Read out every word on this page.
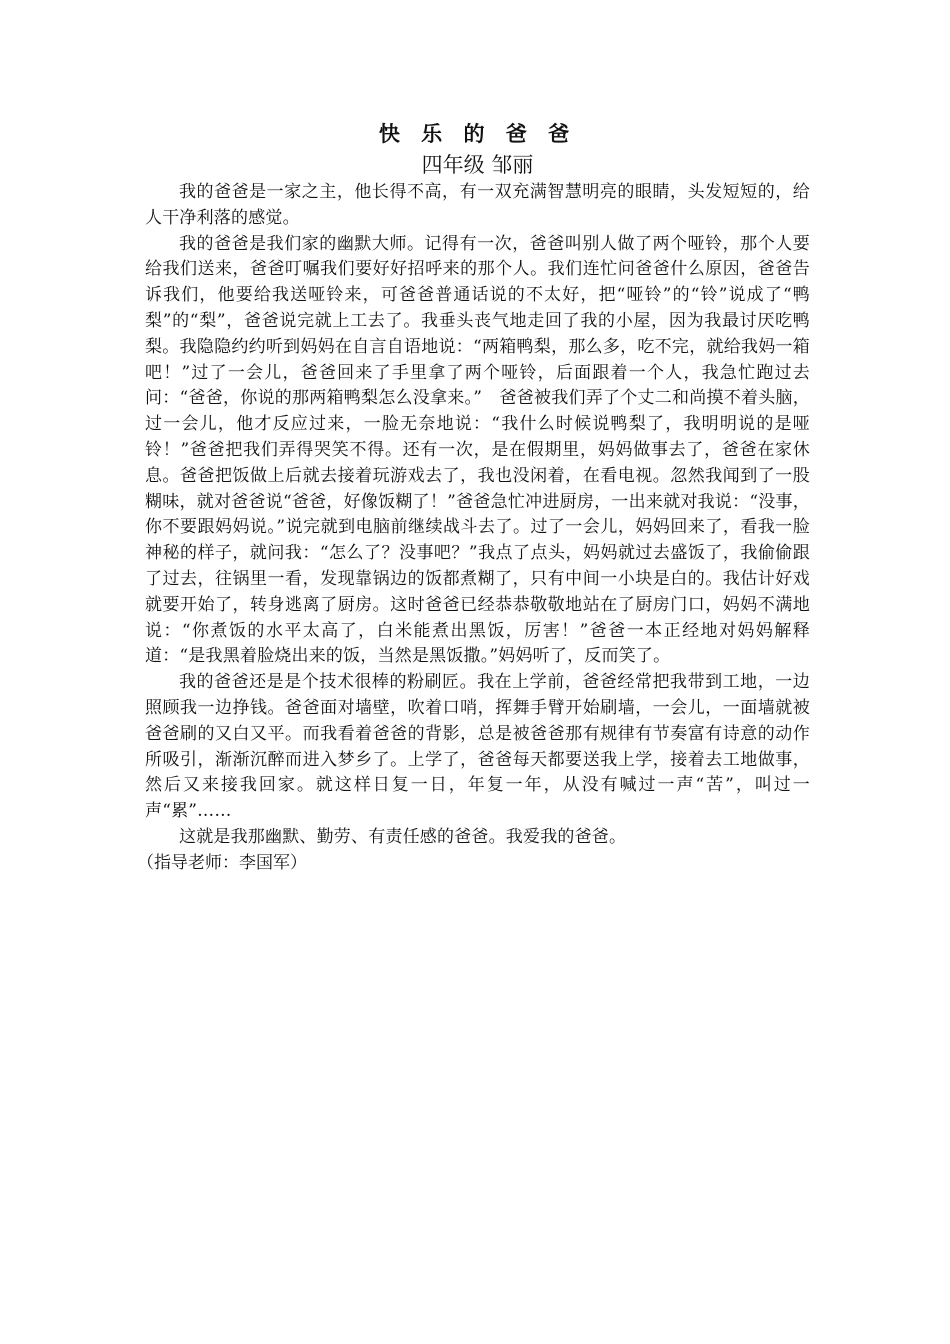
快 乐 的 爸 爸
四年级 邹丽

我的爸爸是一家之主，他长得不高，有一双充满智慧明亮的眼睛，头发短短的，给人干净利落的感觉。

我的爸爸是我们家的幽默大师。记得有一次，爸爸叫别人做了两个哑铃，那个人要给我们送来，爸爸叮嘱我们要好好招呼来的那个人。我们连忙问爸爸什么原因，爸爸告诉我们，他要给我送哑铃来，可爸爸普通话说的不太好，把“哑铃”的“铃”说成了“鸭梨”的“梨”，爸爸说完就上工去了。我垂头丧气地走回了我的小屋，因为我最讨厌吃鸭梨。我隐隐约约听到妈妈在自言自语地说：“两箱鸭梨，那么多，吃不完，就给我妈一箱吧！”过了一会儿，爸爸回来了手里拿了两个哑铃，后面跟着一个人，我急忙跑过去问：“爸爸，你说的那两箱鸭梨怎么没拿来。”　爸爸被我们弄了个丈二和尚摸不着头脑，过一会儿，他才反应过来，一脸无奈地说：“我什么时候说鸭梨了，我明明说的是哑铃！”爸爸把我们弄得哭笑不得。还有一次，是在假期里，妈妈做事去了，爸爸在家休息。爸爸把饭做上后就去接着玩游戏去了，我也没闲着，在看电视。忽然我闻到了一股糊味，就对爸爸说“爸爸，好像饭糊了！”爸爸急忙冲进厨房，一出来就对我说：“没事，你不要跟妈妈说。”说完就到电脑前继续战斗去了。过了一会儿，妈妈回来了，看我一脸神秘的样子，就问我：“怎么了？没事吧？”我点了点头，妈妈就过去盛饭了，我偷偷跟了过去，往锅里一看，发现靠锅边的饭都煮糊了，只有中间一小块是白的。我估计好戏就要开始了，转身逃离了厨房。这时爸爸已经恭恭敬敬地站在了厨房门口，妈妈不满地说：“你煮饭的水平太高了，白米能煮出黑饭，厉害！”爸爸一本正经地对妈妈解释道：“是我黑着脸烧出来的饭，当然是黑饭撒。”妈妈听了，反而笑了。

我的爸爸还是是个技术很棒的粉刷匠。我在上学前，爸爸经常把我带到工地，一边照顾我一边挣钱。爸爸面对墙壁，吹着口哨，挥舞手臂开始刷墙，一会儿，一面墙就被爸爸刷的又白又平。而我看着爸爸的背影，总是被爸爸那有规律有节奏富有诗意的动作所吸引，渐渐沉醉而进入梦乡了。上学了，爸爸每天都要送我上学，接着去工地做事，然后又来接我回家。就这样日复一日，年复一年，从没有喊过一声“苦”，叫过一声“累”……

这就是我那幽默、勤劳、有责任感的爸爸。我爱我的爸爸。

（指导老师：李国军）
